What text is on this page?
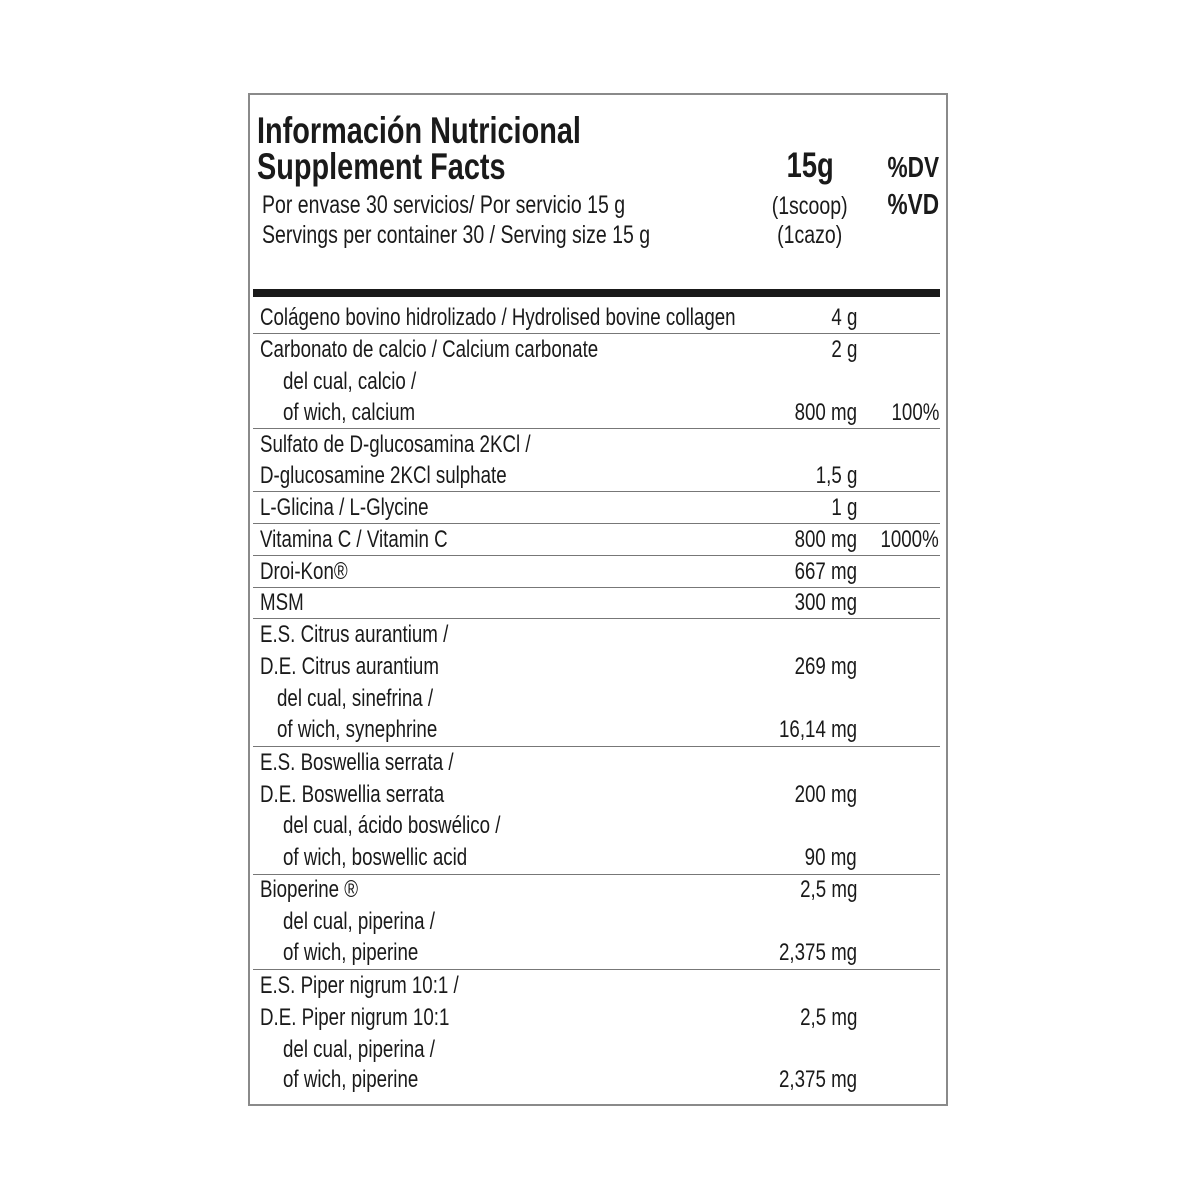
Información Nutricional
Supplement Facts
Por envase 30 servicios/ Por servicio 15 g
Servings per container 30 / Serving size 15 g
15g
(1scoop)
(1cazo)
%DV
%VD
Colágeno bovino hidrolizado / Hydrolised bovine collagen	4 g
Carbonato de calcio / Calcium carbonate	2 g
del cual, calcio /
of wich, calcium	800 mg	100%
Sulfato de D-glucosamina 2KCl /
D-glucosamine 2KCl sulphate	1,5 g
L-Glicina / L-Glycine	1 g
Vitamina C / Vitamin C	800 mg 1000%
Droi-Kon®	667 mg
MSM	300 mg
E.S. Citrus aurantium /
D.E. Citrus aurantium	269 mg
del cual, sinefrina /
of wich, synephrine	16,14 mg
E.S. Boswellia serrata /
D.E. Boswellia serrata	200 mg
del cual, ácido boswélico /
of wich, boswellic acid	90 mg
Bioperine ®	2,5 mg
del cual, piperina /
of wich, piperine	2,375 mg
E.S. Piper nigrum 10:1 /
D.E. Piper nigrum 10:1	2,5 mg
del cual, piperina /
of wich, piperine	2,375 mg
